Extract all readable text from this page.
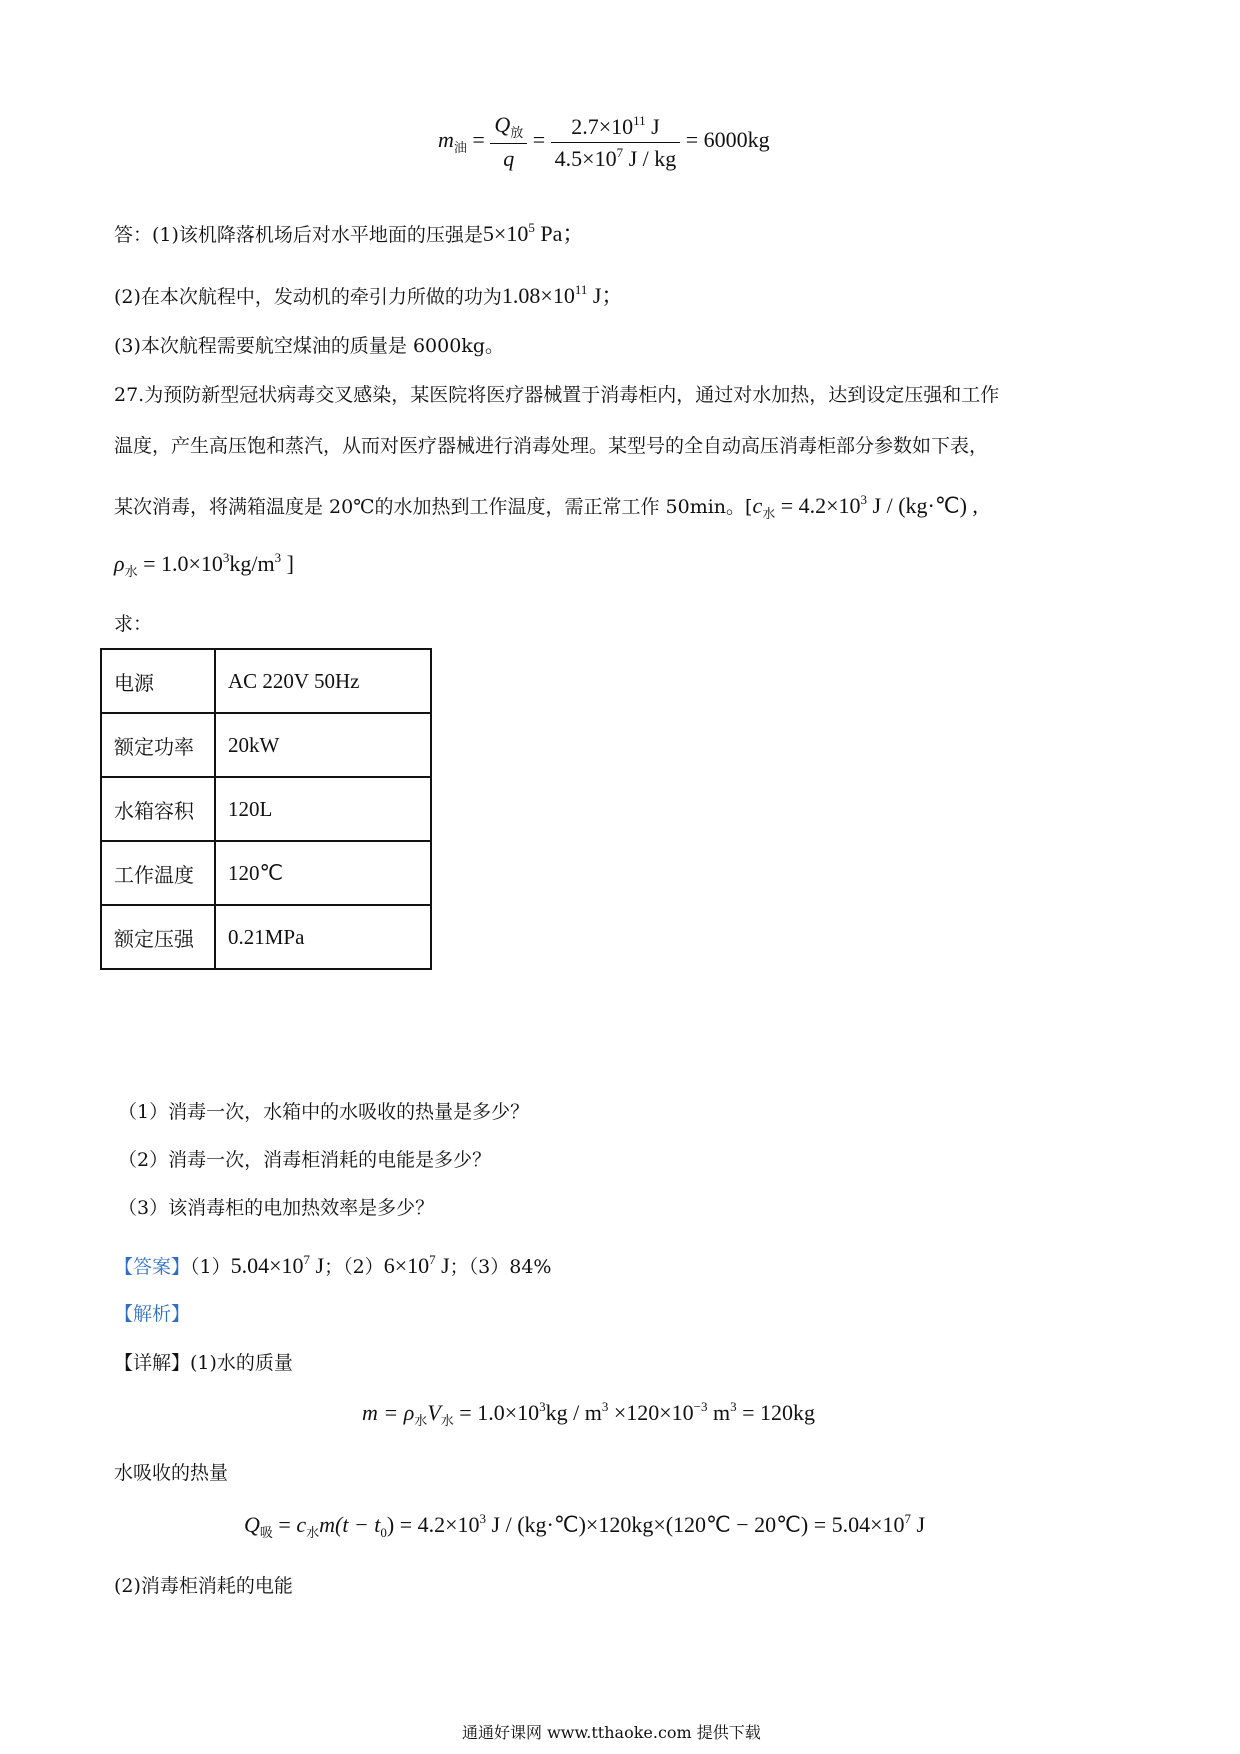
$m_油 = \frac{Q_放}{q} = \frac{2.7\times 10^{11} J}{4.5\times 10^7 J / kg} = 6000kg$
答：(1)该机降落机场后对水平地面的压强是$5\times 10^5$ Pa；
(2)在本次航程中，发动机的牵引力所做的功为$1.08\times 10^{11}$ J；
(3)本次航程需要航空煤油的质量是 6000kg。
27.为预防新型冠状病毒交叉感染，某医院将医疗器械置于消毒柜内，通过对水加热，达到设定压强和工作
温度，产生高压饱和蒸汽，从而对医疗器械进行消毒处理。某型号的全自动高压消毒柜部分参数如下表，
某次消毒，将满箱温度是 20℃的水加热到工作温度，需正常工作 50min。[$c_水 = 4.2\times 10^3$ J / (kg·℃) ,
$\rho_水 = 1.0\times 10^3kg/m^3$ ]
求：
电源	AC 220V 50Hz
额定功率	20kW
水箱容积	120L
工作温度	120℃
额定压强	0.21MPa
（1）消毒一次，水箱中的水吸收的热量是多少？
（2）消毒一次，消毒柜消耗的电能是多少？
（3）该消毒柜的电加热效率是多少？
【答案】$(1)5.04\times 10^7$ J；$(2)6\times 10^7$ J；（3）84%
【解析】
【详解】(1)水的质量
$m = \rho_水V_水 = 1.0\times 10^3kg / m^3 \times 120\times 10^{-3}$ $m^3 = 120kg$
水吸收的热量
$Q_吸 = c_水m(t - t_0) = 4.2\times 10^3$ J / (kg·℃)×120kg×(120℃ − 20℃) = $5.04\times 10^7$ J
(2)消毒柜消耗的电能
通通好课网 www.tthaoke.com 提供下载
